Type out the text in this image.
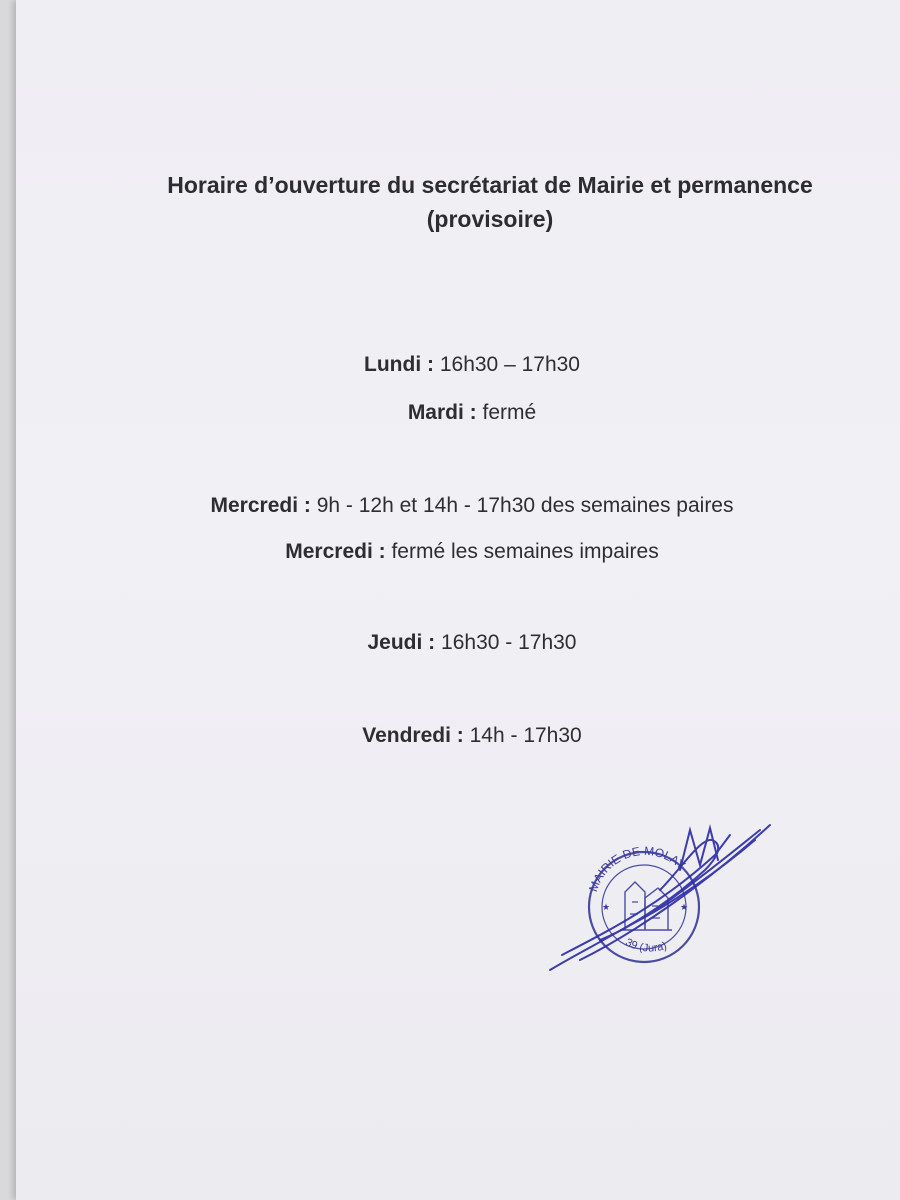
Horaire d’ouverture du secrétariat de Mairie et permanence
(provisoire)
Lundi : 16h30 – 17h30
Mardi : fermé
Mercredi : 9h - 12h et 14h - 17h30 des semaines paires
Mercredi : fermé les semaines impaires
Jeudi : 16h30 - 17h30
Vendredi : 14h - 17h30
MAIRIE DE MOLAY
39 (Jura)
★	★
